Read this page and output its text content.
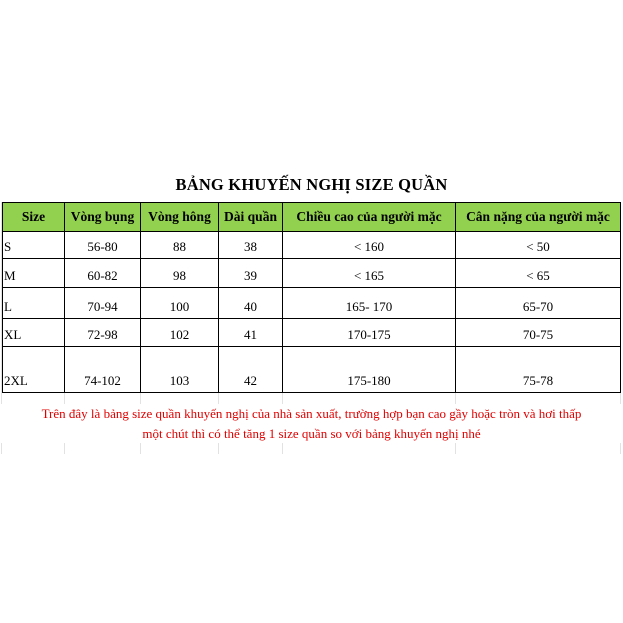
BẢNG KHUYẾN NGHỊ SIZE QUẦN
Size	Vòng bụng	Vòng hông	Dài quần	Chiều cao của người mặc	Cân nặng của người mặc
S	56-80	88	38	< 160	< 50
M	60-82	98	39	< 165	< 65
L	70-94	100	40	165- 170	65-70
XL	72-98	102	41	170-175	70-75
2XL	74-102	103	42	175-180	75-78
Trên đây là bảng size quần khuyến nghị của nhà sản xuất, trường hợp bạn cao gầy hoặc tròn và hơi thấp
một chút thì có thể tăng 1 size quần so với bảng khuyến nghị nhé
